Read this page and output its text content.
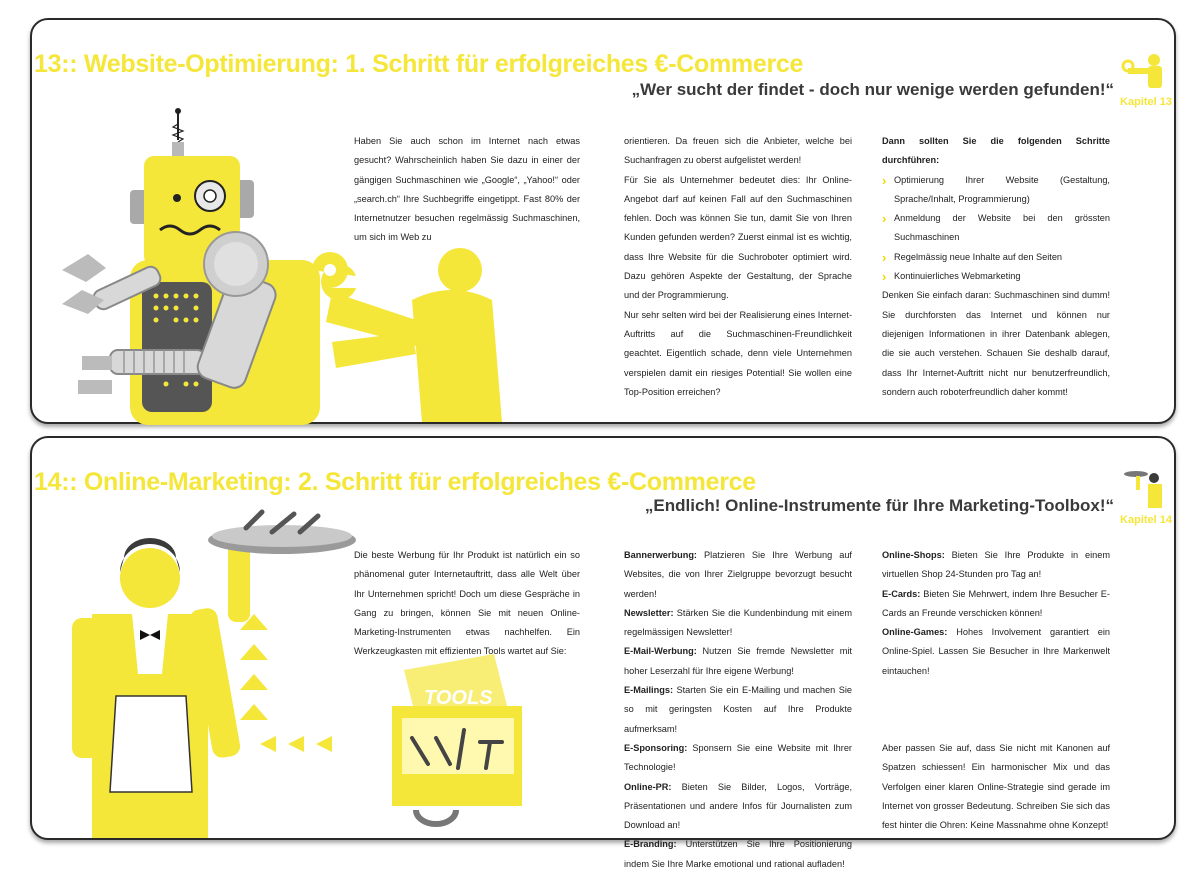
13:: Website-Optimierung: 1. Schritt für erfolgreiches €-Commerce
„Wer sucht der findet - doch nur wenige werden gefunden!“
Kapitel 13

Haben Sie auch schon im Internet nach etwas gesucht? Wahrscheinlich haben Sie dazu in einer der gängigen Suchmaschinen wie „Google“, „Yahoo!“ oder „search.ch“ Ihre Suchbegriffe eingetippt. Fast 80% der Internetnutzer besuchen regelmässig Suchmaschinen, um sich im Web zu

orientieren. Da freuen sich die Anbieter, welche bei Suchanfragen zu oberst aufgelistet werden!

Für Sie als Unternehmer bedeutet dies: Ihr Online-Angebot darf auf keinen Fall auf den Suchmaschinen fehlen. Doch was können Sie tun, damit Sie von Ihren Kunden gefunden werden? Zuerst einmal ist es wichtig, dass Ihre Website für die Suchroboter optimiert wird. Dazu gehören Aspekte der Gestaltung, der Sprache und der Programmierung.

Nur sehr selten wird bei der Realisierung eines Internet-Auftritts auf die Suchmaschinen-Freundlichkeit geachtet. Eigentlich schade, denn viele Unternehmen verspielen damit ein riesiges Potential! Sie wollen eine Top-Position erreichen?

Dann sollten Sie die folgenden Schritte durchführen:

› Optimierung Ihrer Website (Gestaltung, Sprache/Inhalt, Programmierung)
› Anmeldung der Website bei den grössten Suchmaschinen
› Regelmässig neue Inhalte auf den Seiten
› Kontinuierliches Webmarketing

Denken Sie einfach daran: Suchmaschinen sind dumm! Sie durchforsten das Internet und können nur diejenigen Informationen in ihrer Datenbank ablegen, die sie auch verstehen. Schauen Sie deshalb darauf, dass Ihr Internet-Auftritt nicht nur benutzerfreundlich, sondern auch roboterfreundlich daher kommt!

TOOLS
14:: Online-Marketing: 2. Schritt für erfolgreiches €-Commerce
„Endlich! Online-Instrumente für Ihre Marketing-Toolbox!“
Kapitel 14

Die beste Werbung für Ihr Produkt ist natürlich ein so phänomenal guter Internetauftritt, dass alle Welt über Ihr Unternehmen spricht! Doch um diese Gespräche in Gang zu bringen, können Sie mit neuen Online-Marketing-Instrumenten etwas nachhelfen. Ein Werkzeugkasten mit effizienten Tools wartet auf Sie:

Bannerwerbung: Platzieren Sie Ihre Werbung auf Websites, die von Ihrer Zielgruppe bevorzugt besucht werden!

Newsletter: Stärken Sie die Kundenbindung mit einem regelmässigen Newsletter!

E-Mail-Werbung: Nutzen Sie fremde Newsletter mit hoher Leserzahl für Ihre eigene Werbung!

E-Mailings: Starten Sie ein E-Mailing und machen Sie so mit geringsten Kosten auf Ihre Produkte aufmerksam!

E-Sponsoring: Sponsern Sie eine Website mit Ihrer Technologie!

Online-PR: Bieten Sie Bilder, Logos, Vorträge, Präsentationen und andere Infos für Journalisten zum Download an!

E-Branding: Unterstützen Sie Ihre Positionierung indem Sie Ihre Marke emotional und rational aufladen!

Online-Shops: Bieten Sie Ihre Produkte in einem virtuellen Shop 24-Stunden pro Tag an!

E-Cards: Bieten Sie Mehrwert, indem Ihre Besucher E-Cards an Freunde verschicken können!

Online-Games: Hohes Involvement garantiert ein Online-Spiel. Lassen Sie Besucher in Ihre Markenwelt eintauchen!

Aber passen Sie auf, dass Sie nicht mit Kanonen auf Spatzen schiessen! Ein harmonischer Mix und das Verfolgen einer klaren Online-Strategie sind gerade im Internet von grosser Bedeutung. Schreiben Sie sich das fest hinter die Ohren: Keine Massnahme ohne Konzept!
